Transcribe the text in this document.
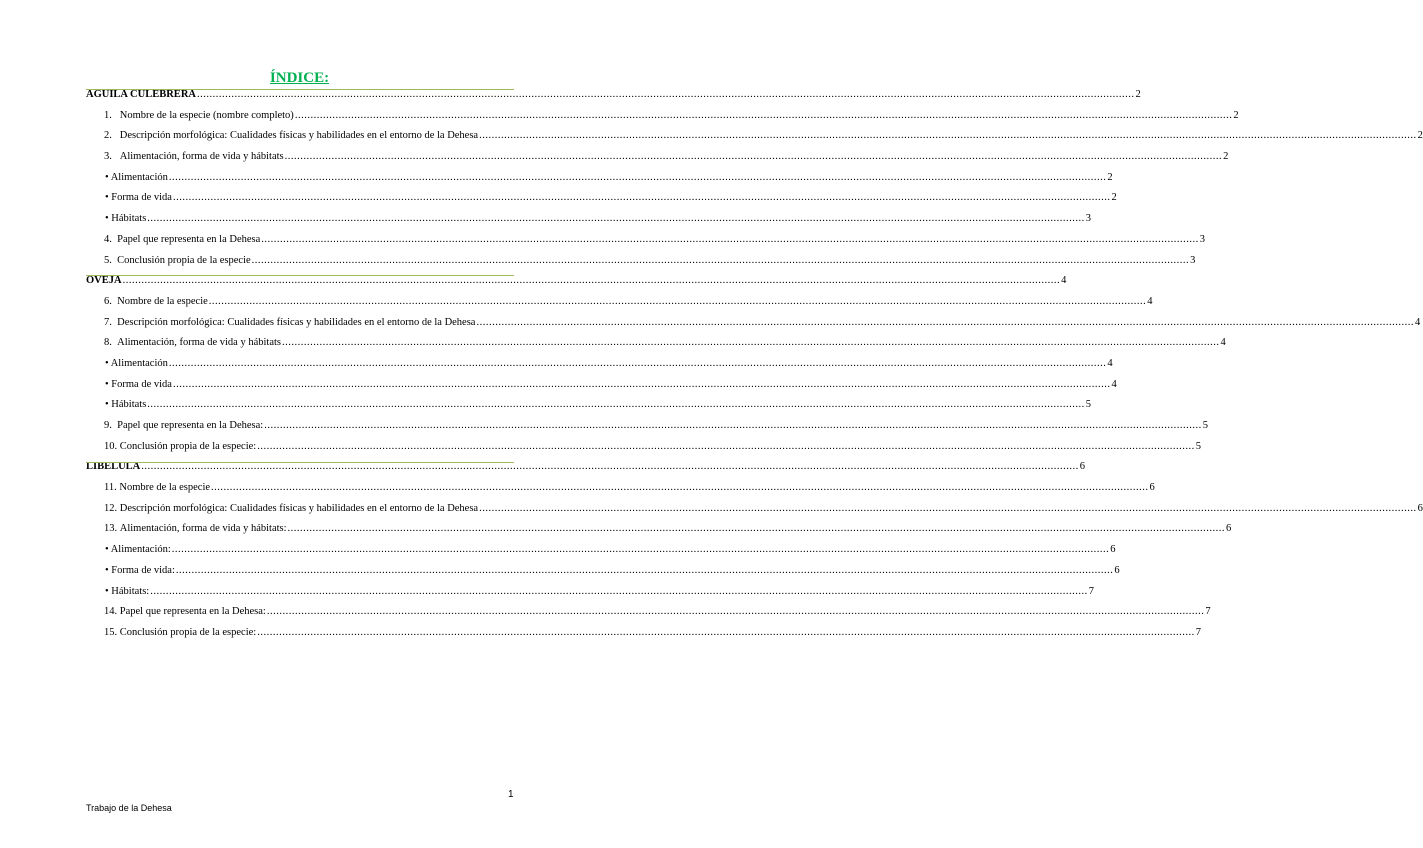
ÍNDICE:
AGUILA CULEBRERA ............................................................................................................................................................................................................................................................................................................ 2
1.   Nombre de la especie (nombre completo) ............................................................................................................................................................................................................................................................................................................ 2
2.   Descripción morfológica: Cualidades físicas y habilidades en el entorno de la Dehesa ............................................................................................................................................................................................................................................................................................................ 2
3.   Alimentación, forma de vida y hábitats ............................................................................................................................................................................................................................................................................................................ 2
• Alimentación ............................................................................................................................................................................................................................................................................................................ 2
• Forma de vida ............................................................................................................................................................................................................................................................................................................ 2
• Hábitats ............................................................................................................................................................................................................................................................................................................ 3
4.  Papel que representa en la Dehesa ............................................................................................................................................................................................................................................................................................................ 3
5.  Conclusión propia de la especie ............................................................................................................................................................................................................................................................................................................ 3
OVEJA ............................................................................................................................................................................................................................................................................................................ 4
6.  Nombre de la especie ............................................................................................................................................................................................................................................................................................................ 4
7.  Descripción morfológica: Cualidades físicas y habilidades en el entorno de la Dehesa ............................................................................................................................................................................................................................................................................................................ 4
8.  Alimentación, forma de vida y hábitats ............................................................................................................................................................................................................................................................................................................ 4
• Alimentación ............................................................................................................................................................................................................................................................................................................ 4
• Forma de vida ............................................................................................................................................................................................................................................................................................................ 4
• Hábitats ............................................................................................................................................................................................................................................................................................................ 5
9.  Papel que representa en la Dehesa: ............................................................................................................................................................................................................................................................................................................ 5
10. Conclusión propia de la especie: ............................................................................................................................................................................................................................................................................................................ 5
LIBELULA ............................................................................................................................................................................................................................................................................................................ 6
11. Nombre de la especie ............................................................................................................................................................................................................................................................................................................ 6
12. Descripción morfológica: Cualidades físicas y habilidades en el entorno de la Dehesa ............................................................................................................................................................................................................................................................................................................ 6
13. Alimentación, forma de vida y hábitats: ............................................................................................................................................................................................................................................................................................................ 6
• Alimentación: ............................................................................................................................................................................................................................................................................................................ 6
• Forma de vida: ............................................................................................................................................................................................................................................................................................................ 6
• Hábitats: ............................................................................................................................................................................................................................................................................................................ 7
14. Papel que representa en la Dehesa: ............................................................................................................................................................................................................................................................................................................ 7
15. Conclusión propia de la especie: ............................................................................................................................................................................................................................................................................................................ 7
1
Trabajo de la Dehesa
